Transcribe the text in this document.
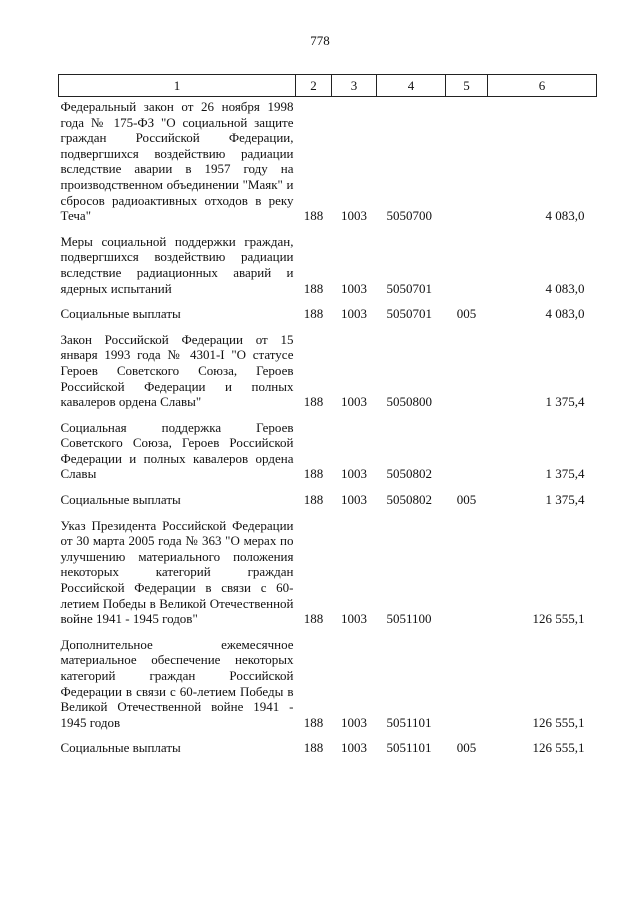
778
1	2	3	4	5	6
Федеральный закон от 26 ноября 1998 года № 175-ФЗ "О социальной защите граждан Российской Федерации, подвергшихся воздействию радиации вследствие аварии в 1957 году на производственном объединении "Маяк" и сбросов радиоактивных отходов в реку Теча"	188	1003	5050700		4 083,0
Меры социальной поддержки граждан, подвергшихся воздействию радиации вследствие радиационных аварий и ядерных испытаний	188	1003	5050701		4 083,0
Социальные выплаты	188	1003	5050701	005	4 083,0
Закон Российской Федерации от 15 января 1993 года № 4301-I "О статусе Героев Советского Союза, Героев Российской Федерации и полных кавалеров ордена Славы"	188	1003	5050800		1 375,4
Социальная поддержка Героев Советского Союза, Героев Российской Федерации и полных кавалеров ордена Славы	188	1003	5050802		1 375,4
Социальные выплаты	188	1003	5050802	005	1 375,4
Указ Президента Российской Федерации от 30 марта 2005 года № 363 "О мерах по улучшению материального положения некоторых категорий граждан Российской Федерации в связи с 60-летием Победы в Великой Отечественной войне 1941 - 1945 годов"	188	1003	5051100		126 555,1
Дополнительное ежемесячное материальное обеспечение некоторых категорий граждан Российской Федерации в связи с 60-летием Победы в Великой Отечественной войне 1941 - 1945 годов	188	1003	5051101		126 555,1
Социальные выплаты	188	1003	5051101	005	126 555,1
